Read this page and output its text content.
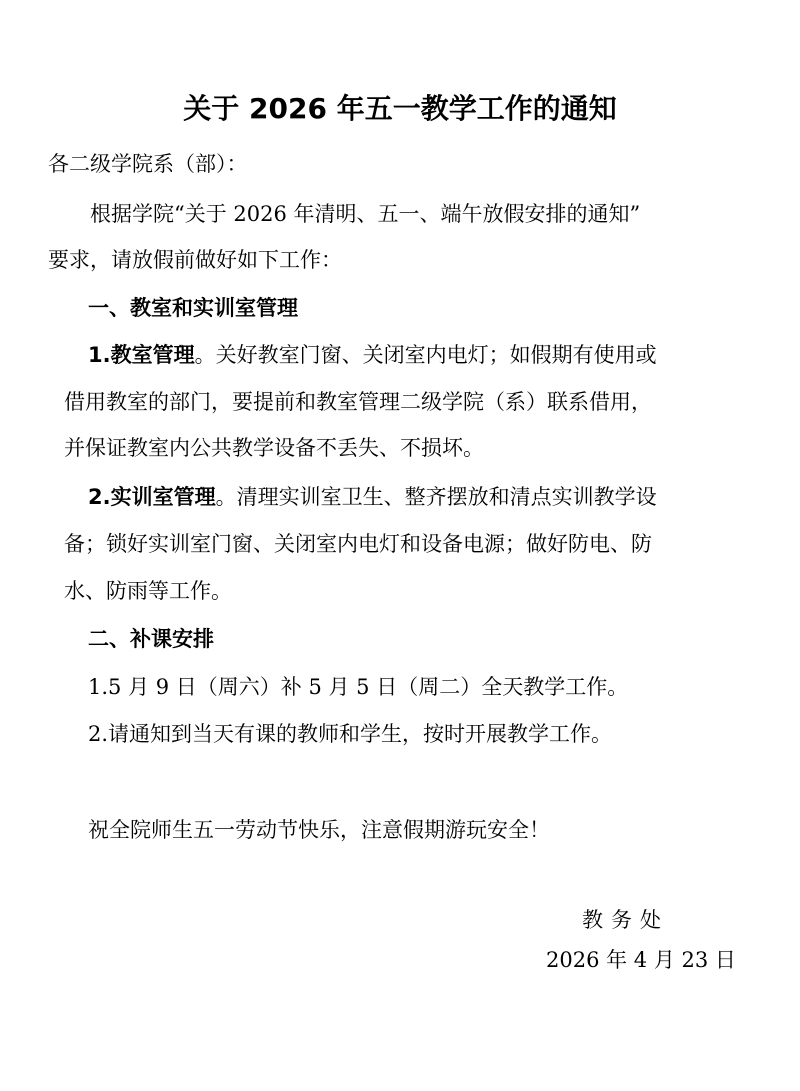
关于 2026 年五一教学工作的通知
各二级学院系（部）：
根据学院“关于 2026 年清明、五一、端午放假安排的通知”
要求，请放假前做好如下工作：
一、教室和实训室管理
1.教室管理。关好教室门窗、关闭室内电灯；如假期有使用或
借用教室的部门，要提前和教室管理二级学院（系）联系借用，
并保证教室内公共教学设备不丢失、不损坏。
2.实训室管理。清理实训室卫生、整齐摆放和清点实训教学设
备；锁好实训室门窗、关闭室内电灯和设备电源；做好防电、防
水、防雨等工作。
二、补课安排
1.5 月 9 日（周六）补 5 月 5 日（周二）全天教学工作。
2.请通知到当天有课的教师和学生，按时开展教学工作。
祝全院师生五一劳动节快乐，注意假期游玩安全！
教务处
2026 年 4 月 23 日
